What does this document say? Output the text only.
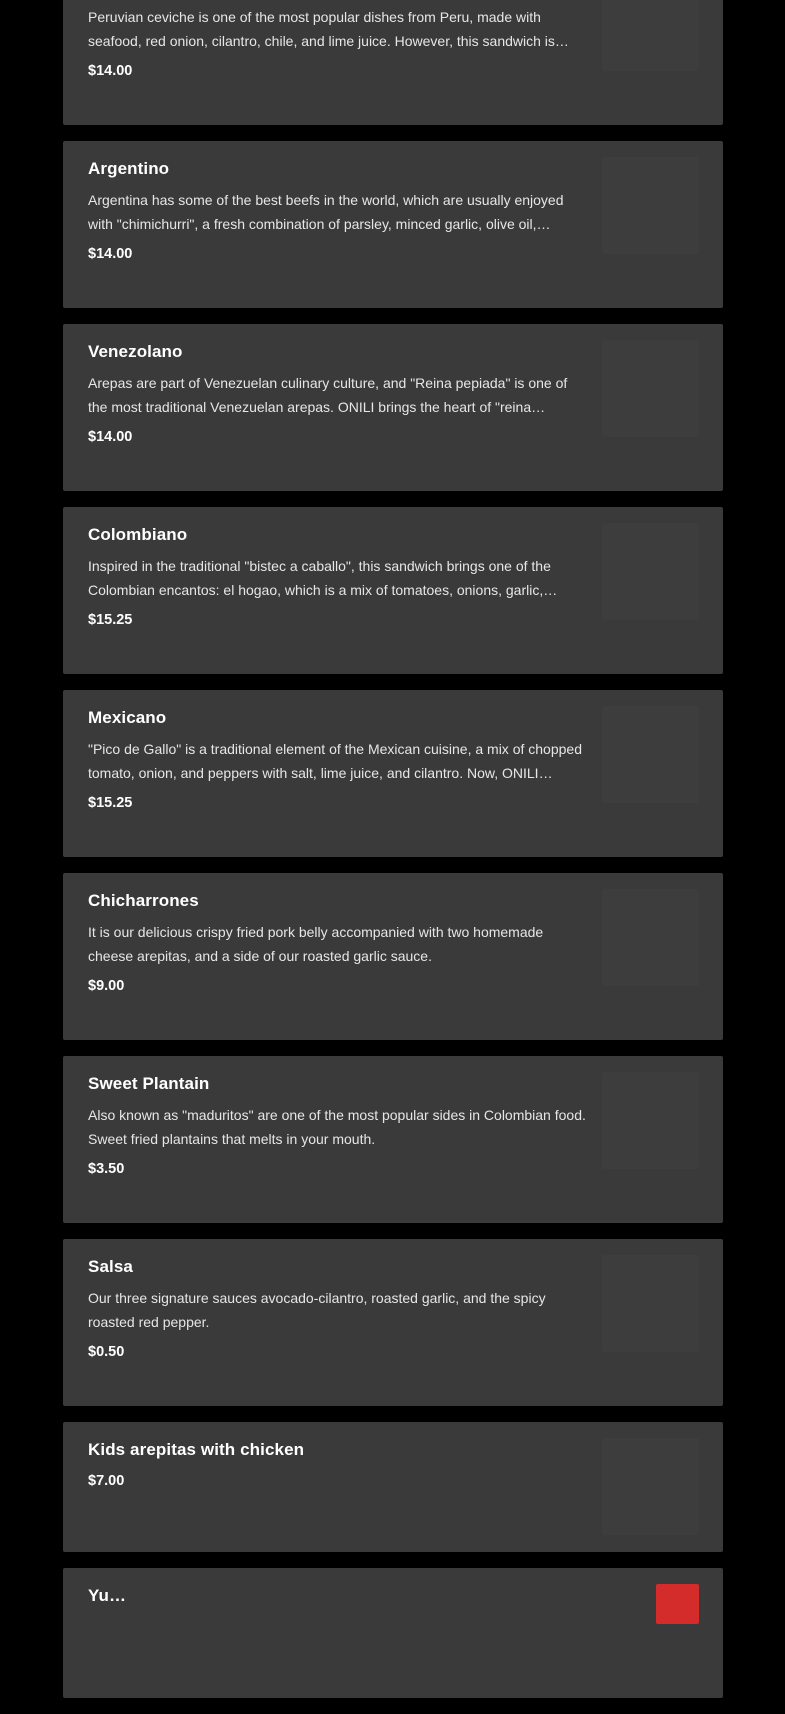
Peruvian ceviche is one of the most popular dishes from Peru, made with seafood, red onion, cilantro, chile, and lime juice. However, this sandwich is
$14.00
Argentino
Argentina has some of the best beefs in the world, which are usually enjoyed with "chimichurri", a fresh combination of parsley, minced garlic, olive oil,…
$14.00
Venezolano
Arepas are part of Venezuelan culinary culture, and "Reina pepiada" is one of the most traditional Venezuelan arepas. ONILI brings the heart of "reina
$14.00
Colombiano
Inspired in the traditional "bistec a caballo", this sandwich brings one of the Colombian encantos: el hogao, which is a mix of tomatoes, onions, garlic,
$15.25
Mexicano
"Pico de Gallo" is a traditional element of the Mexican cuisine, a mix of chopped tomato, onion, and peppers with salt, lime juice, and cilantro. Now, ONILI
$15.25
Chicharrones
It is our delicious crispy fried pork belly accompanied with two homemade cheese arepitas, and a side of our roasted garlic sauce.
$9.00
Sweet Plantain
Also known as "maduritos" are one of the most popular sides in Colombian food. Sweet fried plantains that melts in your mouth.
$3.50
Salsa
Our three signature sauces avocado-cilantro, roasted garlic, and the spicy roasted red pepper.
$0.50
Kids arepitas with chicken
$7.00
Yu…
